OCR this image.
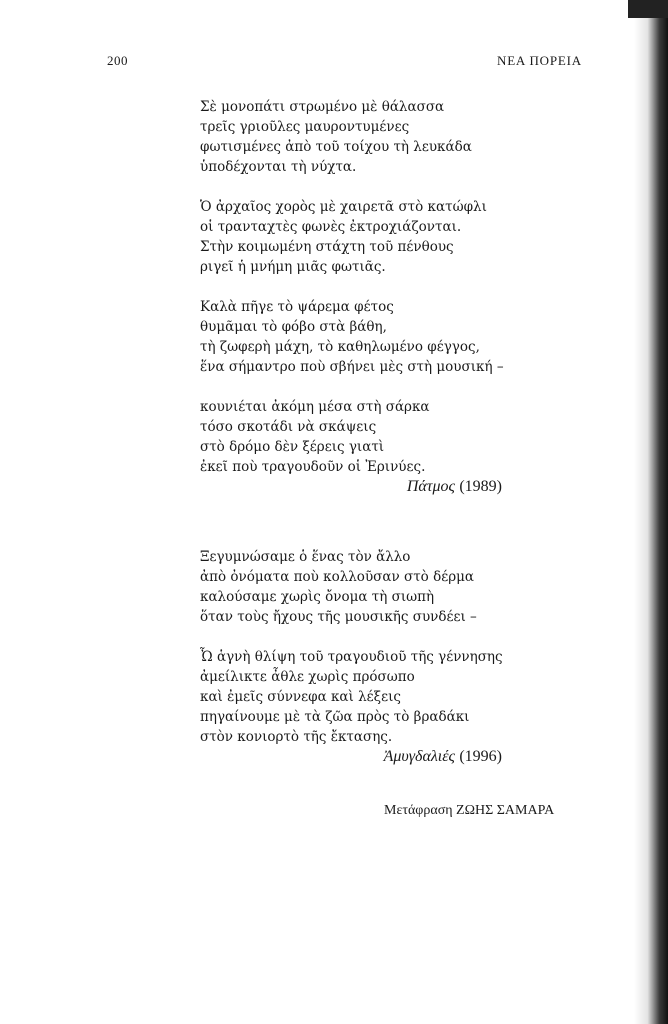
200	ΝΕΑ ΠΟΡΕΙΑ
Σὲ μονοπάτι στρωμένο μὲ θάλασσα
τρεῖς γριοῦλες μαυροντυμένες
φωτισμένες ἀπὸ τοῦ τοίχου τὴ λευκάδα
ὑποδέχονται τὴ νύχτα.
Ὁ ἀρχαῖος χορὸς μὲ χαιρετᾶ στὸ κατώφλι
οἱ τρανταχτὲς φωνὲς ἐκτροχιάζονται.
Στὴν κοιμωμένη στάχτη τοῦ πένθους
ριγεῖ ἡ μνήμη μιᾶς φωτιᾶς.
Καλὰ πῆγε τὸ ψάρεμα φέτος
θυμᾶμαι τὸ φόβο στὰ βάθη,
τὴ ζωφερὴ μάχη, τὸ καθηλωμένο φέγγος,
ἕνα σήμαντρο ποὺ σβήνει μὲς στὴ μουσική –
κουνιέται ἀκόμη μέσα στὴ σάρκα
τόσο σκοτάδι νὰ σκάψεις
στὸ δρόμο δὲν ξέρεις γιατὶ
ἐκεῖ ποὺ τραγουδοῦν οἱ Ἐρινύες.
Πάτμος (1989)
Ξεγυμνώσαμε ὁ ἕνας τὸν ἄλλο
ἀπὸ ὀνόματα ποὺ κολλοῦσαν στὸ δέρμα
καλούσαμε χωρὶς ὄνομα τὴ σιωπὴ
ὅταν τοὺς ἤχους τῆς μουσικῆς συνδέει –
Ὦ ἁγνὴ θλίψη τοῦ τραγουδιοῦ τῆς γέννησης
ἀμείλικτε ἆθλε χωρὶς πρόσωπο
καὶ ἐμεῖς σύννεφα καὶ λέξεις
πηγαίνουμε μὲ τὰ ζῶα πρὸς τὸ βραδάκι
στὸν κονιορτὸ τῆς ἔκτασης.
Ἀμυγδαλιές (1996)
Μετάφραση ΖΩΗΣ ΣΑΜΑΡΑ
